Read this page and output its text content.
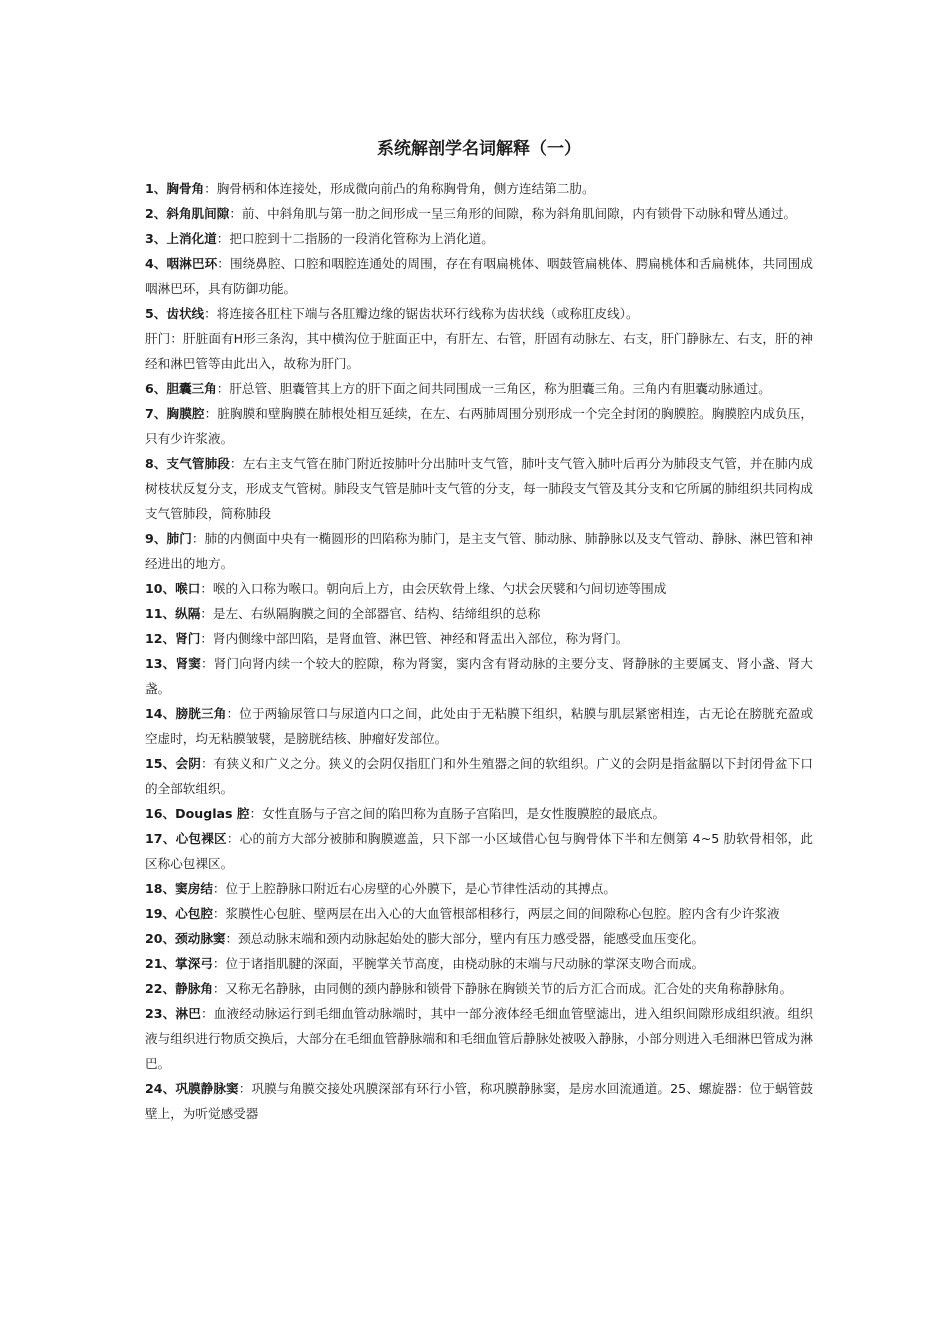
系统解剖学名词解释（一）

1、胸骨角：胸骨柄和体连接处，形成微向前凸的角称胸骨角，侧方连结第二肋。

2、斜角肌间隙：前、中斜角肌与第一肋之间形成一呈三角形的间隙，称为斜角肌间隙，内有锁骨下动脉和臂丛通过。

3、上消化道：把口腔到十二指肠的一段消化管称为上消化道。

4、咽淋巴环：围绕鼻腔、口腔和咽腔连通处的周围，存在有咽扁桃体、咽鼓管扁桃体、腭扁桃体和舌扁桃体，共同围成咽淋巴环，具有防御功能。

5、齿状线：将连接各肛柱下端与各肛瓣边缘的锯齿状环行线称为齿状线（或称肛皮线）。

肝门：肝脏面有H形三条沟，其中横沟位于脏面正中，有肝左、右管，肝固有动脉左、右支，肝门静脉左、右支，肝的神经和淋巴管等由此出入，故称为肝门。

6、胆囊三角：肝总管、胆囊管其上方的肝下面之间共同围成一三角区，称为胆囊三角。三角内有胆囊动脉通过。

7、胸膜腔：脏胸膜和壁胸膜在肺根处相互延续，在左、右两肺周围分别形成一个完全封闭的胸膜腔。胸膜腔内成负压，只有少许浆液。

8、支气管肺段：左右主支气管在肺门附近按肺叶分出肺叶支气管，肺叶支气管入肺叶后再分为肺段支气管，并在肺内成树枝状反复分支，形成支气管树。肺段支气管是肺叶支气管的分支，每一肺段支气管及其分支和它所属的肺组织共同构成支气管肺段，简称肺段

9、肺门：肺的内侧面中央有一椭圆形的凹陷称为肺门，是主支气管、肺动脉、肺静脉以及支气管动、静脉、淋巴管和神经进出的地方。

10、喉口：喉的入口称为喉口。朝向后上方，由会厌软骨上缘、勺状会厌襞和勺间切迹等围成

11、纵隔：是左、右纵隔胸膜之间的全部器官、结构、结缔组织的总称

12、肾门：肾内侧缘中部凹陷，是肾血管、淋巴管、神经和肾盂出入部位，称为肾门。

13、肾窦：肾门向肾内续一个较大的腔隙，称为肾窦，窦内含有肾动脉的主要分支、肾静脉的主要属支、肾小盏、肾大盏。

14、膀胱三角：位于两输尿管口与尿道内口之间，此处由于无粘膜下组织，粘膜与肌层紧密相连，古无论在膀胱充盈或空虚时，均无粘膜皱襞，是膀胱结核、肿瘤好发部位。

15、会阴：有狭义和广义之分。狭义的会阴仅指肛门和外生殖器之间的软组织。广义的会阴是指盆膈以下封闭骨盆下口的全部软组织。

16、Douglas 腔：女性直肠与子宫之间的陷凹称为直肠子宫陷凹，是女性腹膜腔的最底点。

17、心包裸区：心的前方大部分被肺和胸膜遮盖，只下部一小区域借心包与胸骨体下半和左侧第 4~5 肋软骨相邻，此区称心包裸区。

18、窦房结：位于上腔静脉口附近右心房壁的心外膜下，是心节律性活动的其搏点。

19、心包腔：浆膜性心包脏、壁两层在出入心的大血管根部相移行，两层之间的间隙称心包腔。腔内含有少许浆液

20、颈动脉窦：颈总动脉末端和颈内动脉起始处的膨大部分，壁内有压力感受器，能感受血压变化。

21、掌深弓：位于诸指肌腱的深面，平腕掌关节高度，由桡动脉的末端与尺动脉的掌深支吻合而成。

22、静脉角：又称无名静脉，由同侧的颈内静脉和锁骨下静脉在胸锁关节的后方汇合而成。汇合处的夹角称静脉角。

23、淋巴：血液经动脉运行到毛细血管动脉端时，其中一部分液体经毛细血管壁滤出，进入组织间隙形成组织液。组织液与组织进行物质交换后，大部分在毛细血管静脉端和和毛细血管后静脉处被吸入静脉，小部分则进入毛细淋巴管成为淋巴。

24、巩膜静脉窦：巩膜与角膜交接处巩膜深部有环行小管，称巩膜静脉窦，是房水回流通道。25、螺旋器：位于蜗管鼓壁上，为听觉感受器
